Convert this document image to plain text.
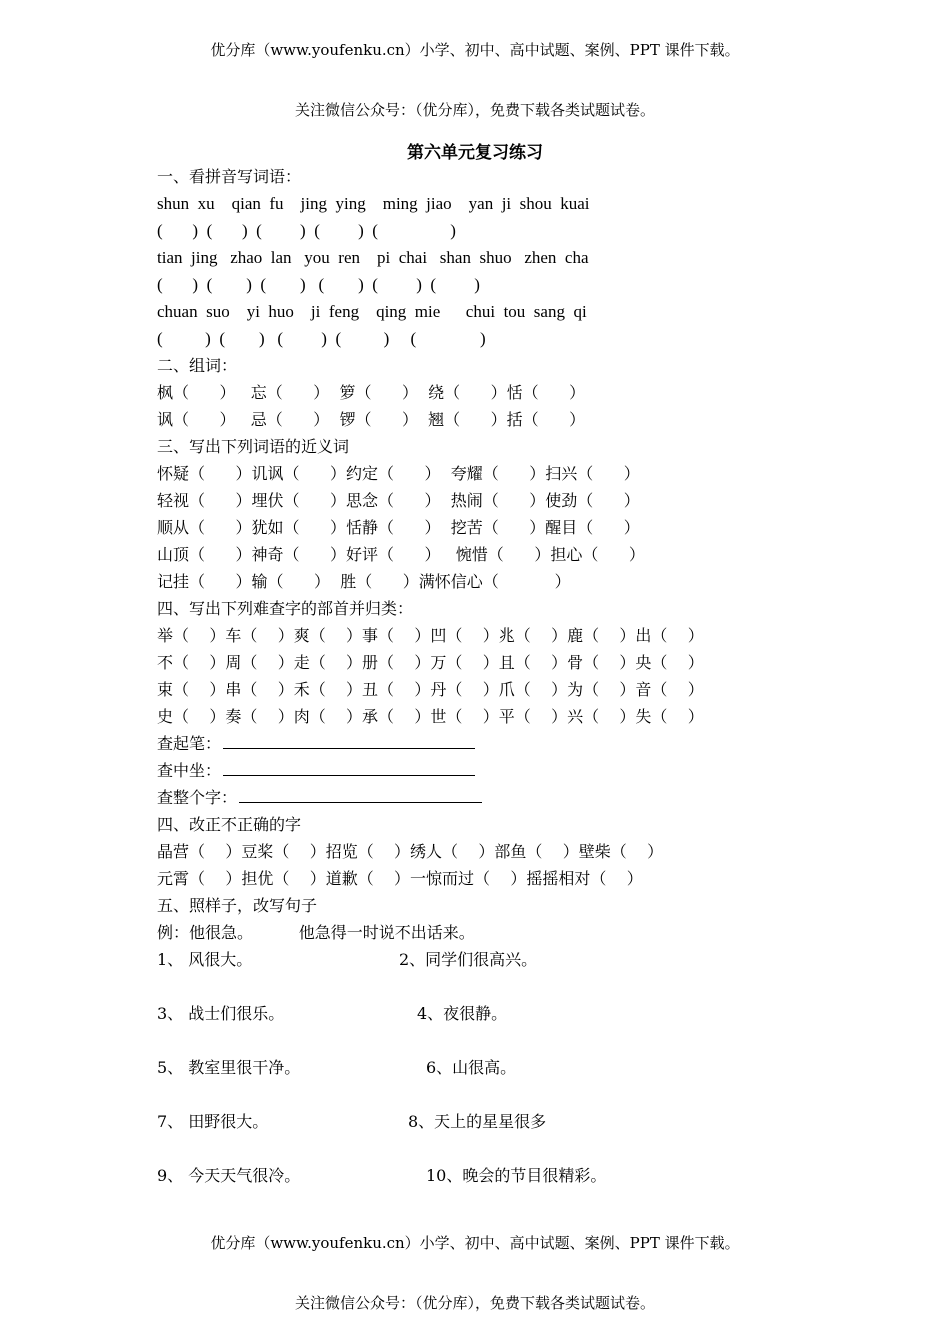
优分库（www.youfenku.cn）小学、初中、高中试题、案例、PPT 课件下载。

关注微信公众号：（优分库），免费下载各类试题试卷。

第六单元复习练习
一、看拼音写词语：
shun  xu    qian  fu    jing  ying    ming  jiao    yan  ji  shou  kuai
(       )  (       )  (         )  (         )  (                 )
tian  jing   zhao  lan   you  ren    pi  chai   shan  shuo   zhen  cha
(       )  (        )  (        )   (        )  (         )  (         )
chuan  suo    yi  huo    ji  feng    qing  mie      chui  tou  sang  qi
(          )  (        )   (         )  (          )     (               )
二、组词：
枫（      ）   忘（      ）  箩（      ）  绕（      ）恬（      ）
讽（      ）   忌（      ）  锣（      ）  翘（      ）括（      ）
三、写出下列词语的近义词
怀疑（      ）讥讽（      ）约定（      ）  夸耀（      ）扫兴（      ）
轻视（      ）埋伏（      ）思念（      ）  热闹（      ）使劲（      ）
顺从（      ）犹如（      ）恬静（      ）  挖苦（      ）醒目（      ）
山顶（      ）神奇（      ）好评（      ）   惋惜（      ）担心（      ）
记挂（      ）输（      ）  胜（      ）满怀信心（           ）
四、写出下列难查字的部首并归类：
举（    ）车（    ）爽（    ）事（    ）凹（    ）兆（    ）鹿（    ）出（    ）
不（    ）周（    ）走（    ）册（    ）万（    ）且（    ）骨（    ）央（    ）
束（    ）串（    ）禾（    ）丑（    ）丹（    ）爪（    ）为（    ）音（    ）
史（    ）奏（    ）肉（    ）承（    ）世（    ）平（    ）兴（    ）失（    ）
查起笔：
查中坐：
查整个字：
四、改正不正确的字
晶营（    ）豆桨（    ）招览（    ）绣人（    ）部鱼（    ）壁柴（    ）
元霄（    ）担优（    ）道歉（    ）一惊而过（    ）摇摇相对（    ）
五、照样子，改写句子
例：他很急。         他急得一时说不出话来。
1、 风很大。	2、同学们很高兴。
3、 战士们很乐。	4、夜很静。
5、 教室里很干净。	6、山很高。
7、 田野很大。	8、天上的星星很多
9、 今天天气很冷。	10、晚会的节目很精彩。

优分库（www.youfenku.cn）小学、初中、高中试题、案例、PPT 课件下载。

关注微信公众号：（优分库），免费下载各类试题试卷。
